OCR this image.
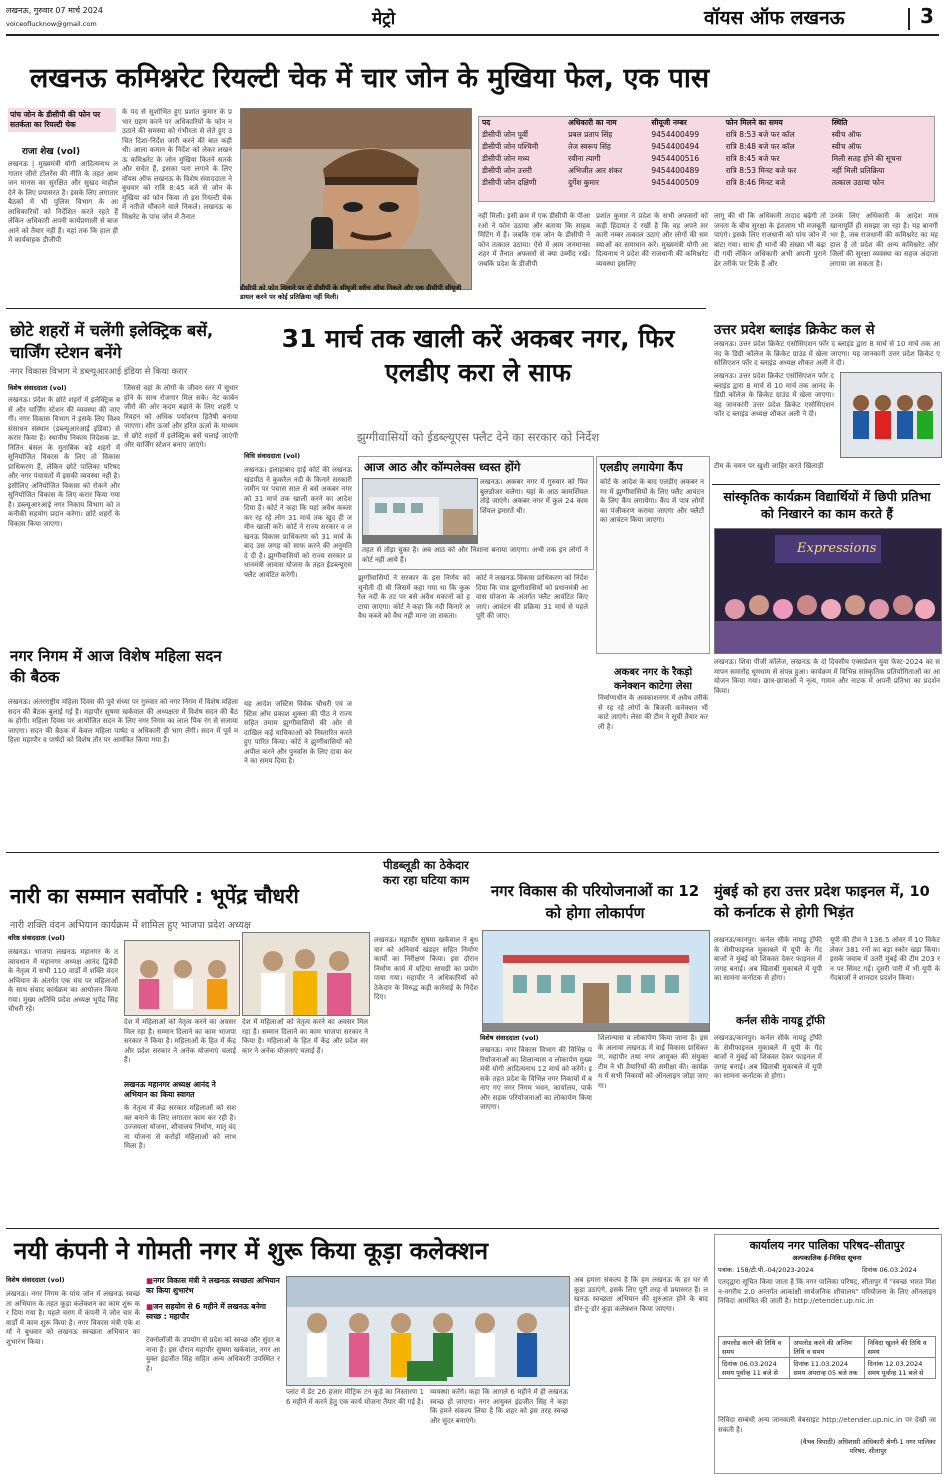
लखनऊ, गुरुवार 07 मार्च 2024
voiceoflucknow@gmail.com	मेट्रो	वॉयस ऑफ लखनऊ	3
लखनऊ कमिश्नरेट रियल्टी चेक में चार जोन के मुखिया फेल, एक पास
पांच जोन के डीसीपी की फोन पर सतर्कता का रियल्टी चेक
राजा शेख (vol)
लखनऊ | मुख्यमंत्री योगी आदित्यनाथ लगातार जीरो टॉलरेंस की नीति के तहत आमजन मानस का सुरक्षित और सुखद माहौल देने के लिए प्रयासरत है। इसके लिए लगातार बैठकों में भी पुलिस विभाग के आलाधिकारियों को निर्देशित करते रहते हैं लेकिन अधिकारी अपनी कार्यप्रणाली से बाज आने को तैयार नहीं है। यहां तक कि हाल ही में कार्यवाहक डीजीपी
के पद से सुशोभित हुए प्रशांत कुमार के प्रभार ग्रहण करने पर अधिकारियों के फोन न उठाने की समस्या को गंभीरता से लेते हुए उचित दिशा-निर्देश जारी करने की बात कही थी। आला कमान के निर्देश को लेकर लखनऊ कमिश्नरेट के जोन मुखिया कितने सतर्क और सचेत हैं, इसका पता लगाने के लिए वॉयस ऑफ लखनऊ के विशेष संवाददाता ने बुधवार को रात्रि 8:45 बजे से जोन के मुखिया को फोन किया तो इस रियल्टी चेक में नतीजे चौंकाने वाले निकले। लखनऊ कमिश्नरेट के पांच जोन में तैनात
डीसीपी को फोन मिलाने पर दो डीसीपी के सीयूजी स्वीच ऑफ निकले और एक डीसीपी सीयूजी डायल करने पर कोई प्रतिक्रिया नहीं मिली।
पद	अधिकारी का नाम	सीयूजी नम्बर	फोन मिलने का समय	स्थिति
डीसीपी जोन पूर्वी	प्रबल प्रताप सिंह	9454400499	रात्रि 8:53 बजे फर कॉल	स्वीच ऑफ
डीसीपी जोन पश्चिमी	तेज स्वरूप सिंह	9454400494	रात्रि 8:48 बजे फर कॉल	स्वीच ऑफ
डीसीपी जोन मध्य	रवीना त्यागी	9454400516	रात्रि 8:45 बजे फर	मिली सतह होने की सूचना
डीसीपी जोन उत्तरी	अभिजीत आर शंकर	9454400489	रात्रि 8:53 मिनट बजे फर	नहीं मिली प्रतिक्रिया
डीसीपी जोन दक्षिणी	दुर्गेश कुमार	9454400509	रात्रि 8:46 मिनट बजे	तत्काल उठाया फोन
नहीं मिली। इसी क्रम में एक डीसीपी के पीआरओ ने फोन उठाया और बताया कि साहब मिटिंग में हैं। जबकि एक जोन के डीसीपी ने फोन तत्काल उठाया। ऐसे में आम जनमानस शहर में तैनात अफसरों से क्या उम्मीद रखें। जबकि प्रदेश के डीजीपी
प्रशांत कुमार ने प्रदेश के सभी अफसरों को कड़ी हिदायत दे रखी है कि वह अपने सरकारी नम्बर तत्काल उठाएं और लोगों की समस्याओं का समाधान करें। मुख्यमंत्री योगी आदित्यनाथ ने प्रदेश की राजधानी की कमिश्नरेट व्यवस्था इसलिए
लागू की थी कि अधिकारी तादाद बढ़ेगी तो जनता के बीच सुरक्षा के इंतजाम भी मजबूती पाएंगे। इसके लिए राजधानी को पांच जोन में बांटा गया। साथ ही थानों की संख्या भी बढ़ा दी गयी लेकिन अधिकारी अभी अपनी पुराने ढेर तरीके पर टिके हैं और
उनके लिए अधिकारी के आदेश मात्र खानापूर्ति ही समझा जा रहा है। यह बानगी भर है, जब राजधानी की कमिश्नरेट का यह हाल है तो प्रदेश की अन्य कमिश्नरेट और जिलों की सुरक्षा व्यवस्था का सहज अंदाजा लगाया जा सकता है।
छोटे शहरों में चलेंगी इलेक्ट्रिक बसें, चार्जिंग स्टेशन बनेंगे
नगर विकास विभाग ने डब्ल्यूआरआई इंडिया से किया करार
विशेष संवाददाता (vol)
लखनऊ। प्रदेश के छोटे शहरों में इलेक्ट्रिक बसें और चार्जिंग स्टेशन की व्यवस्था की जाएगी। नगर विकास विभाग ने इसके लिए विश्व संसाधन संस्थान (डब्ल्यूआरआई इंडिया) से करार किया है। स्थानीय निकाय निदेशक डा. नितिन बंसल के मुताबिक बड़े शहरों में सुनियोजित विकास के लिए तो विकास प्राधिकरण हैं, लेकिन छोटे पालिका परिषद और नगर पंचायतों में इसकी व्यवस्था नहीं है। इसीलिए अनियोजित विकास को रोकने और सुनियोजित विकास के लिए करार किया गया है। डब्ल्यूआरआई नगर निकाय विभाग को तकनीकी सहयोग प्रदान करेगा। छोटे शहरों के विकास किया जाएगा।
जिससे वहां के लोगों के जीवन स्तर में सुधार होने के साथ रोजगार मिल सके। नेट कार्बन जीरो की ओर कदम बढ़ाने के लिए शहरी परिवहन को अधिक पर्यावरण हितैषी बनाया जाएगा। सौर ऊर्जा और हरित ऊर्जा के माध्यम से छोटे शहरों में इलेक्ट्रिक बसें चलाई जाएंगी और चार्जिंग स्टेशन बनाए जाएंगे।
नगर निगम में आज विशेष महिला सदन की बैठक
लखनऊ। अंतरराष्ट्रीय महिला दिवस की पूर्व संध्या पर गुरुवार को नगर निगम में विशेष महिला सदन की बैठक बुलाई गई है। महापौर सुषमा खर्कवाल की अध्यक्षता में विशेष सदन की बैठक होगी। महिला दिवस पर आयोजित सदन के लिए नगर निगम का लाल पिंक रंग से सजाया जाएगा। सदन की बैठक में केवल महिला पार्षद व अधिकारी ही भाग लेंगी। सदन में पूर्व महिला महापौर व पार्षदों को विशेष तौर पर आमंत्रित किया गया है।
31 मार्च तक खाली करें अकबर नगर, फिर एलडीए करा ले साफ
झुग्गीवासियों को ईडब्ल्यूएस फ्लैट देने का सरकार को निर्देश
विधि संवाददाता (vol)
लखनऊ। इलाहाबाद हाई कोर्ट की लखनऊ खंडपीठ ने कुकरैल नदी के किनारे सरकारी जमीन पर पचास साल से बसे अकबर नगर को 31 मार्च तक खाली करने का आदेश दिया है। कोर्ट ने कहा कि यहां अवैध कब्जा कर रह रहे लोग 31 मार्च तक खुद ही जमीन खाली करें। कोर्ट ने राज्य सरकार व लखनऊ विकास प्राधिकरण को 31 मार्च के बाद उस जगह को साफ करने की अनुमति दे दी है। झुग्गीवासियों को राज्य सरकार प्रधानमंत्री आवास योजना के तहत ईडब्ल्यूएस फ्लैट आवंटित करेगी।
यह आदेश जस्टिस विवेक चौधरी एवं जस्टिस ओम प्रकाश शुक्ला की पीठ ने राज्य सहित तमाम झुग्गीवासियों की ओर से दाखिल कई याचिकाओं को निस्तारित करते हुए पारित किया। कोर्ट ने झुग्गीवासियों को अपील करने और पुनर्वास के लिए दावा करने का समय दिया है।
आज आठ और कॉम्पलेक्स ध्वस्त होंगे
लखनऊ। अकबर नगर में गुरुवार को फिर बुलडोजर चलेगा। यहां के आठ कामर्शियल तोड़े जाएंगे। अकबर नगर में कुल 24 कामर्शियल इमारतें थी।
तहत से तोड़ा चुका है। अब आठ को और निशाना बनाया जाएगा। अभी तक इन लोगों ने कोर्ट नहीं आये हैं।
झुग्गीवासियों ने सरकार के इस निर्णय को चुनौती दी थी जिसमें कहा गया था कि कुकरैल नदी के तट पर बसे अवैध मकानों को हटाया जाएगा। कोर्ट ने कहा कि नदी किनारे अवैध कब्जे को वैध नहीं माना जा सकता।
कोर्ट ने लखनऊ विकास प्राधिकरण को निर्देश दिया कि पात्र झुग्गीवासियों को प्रधानमंत्री आवास योजना के अंतर्गत फ्लैट आवंटित किए जाएं। आवंटन की प्रक्रिया 31 मार्च से पहले पूरी की जाए।
एलडीए लगायेगा कैंप
कोर्ट के आदेश के बाद एलडीए अकबर नगर में झुग्गीवासियों के लिए फ्लैट आवंटन के लिए कैंप लगायेगा। कैंप में पात्र लोगों का पंजीकरण कराया जाएगा और फ्लैटों का आवंटन किया जाएगा।
अकबर नगर के रैकड़ो कनेक्शन काटेगा लेसा
निर्माणाधीन के अवकाशनगर में अवैध तरीके से रह रहे लोगों के बिजली कनेक्शन भी काटे जाएंगे। लेसा की टीम ने सूची तैयार कर ली है।
उत्तर प्रदेश ब्लाइंड क्रिकेट कल से
लखनऊ। उत्तर प्रदेश क्रिकेट एसोसिएशन फॉर द ब्लाइंड द्वारा 8 मार्च से 10 मार्च तक आनंद के डिग्री कॉलेज के क्रिकेट ग्राउंड में खेला जाएगा। यह जानकारी उत्तर प्रदेश क्रिकेट एसोसिएशन फॉर द ब्लाइंड अध्यक्ष शौकत अली ने दी।
लखनऊ। उत्तर प्रदेश क्रिकेट एसोसिएशन फॉर द ब्लाइंड द्वारा 8 मार्च से 10 मार्च तक आनंद के डिग्री कॉलेज के क्रिकेट ग्राउंड में खेला जाएगा। यह जानकारी उत्तर प्रदेश क्रिकेट एसोसिएशन फॉर द ब्लाइंड अध्यक्ष शौकत अली ने दी।
टीम के चयन पर खुशी जाहिर करते खिलाड़ी
सांस्कृतिक कार्यक्रम विद्यार्थियों में छिपी प्रतिभा को निखारने का काम करते हैं
Expressions
लखनऊ। शिवा पीजी कॉलेज, लखनऊ के दो दिवसीय एक्सप्रेशन युवा फेस्ट-2024 का समापन समारोह धूमधाम से संपन्न हुआ। कार्यक्रम में विभिन्न सांस्कृतिक प्रतियोगिताओं का आयोजन किया गया। छात्र-छात्राओं ने नृत्य, गायन और नाटक में अपनी प्रतिभा का प्रदर्शन किया।
नारी का सम्मान सर्वोपरि : भूपेंद्र चौधरी
नारी शक्ति वंदन अभियान कार्यक्रम में शामिल हुए भाजपा प्रदेश अध्यक्ष
वरिष्ठ संवाददाता (vol)
लखनऊ। भाजपा लखनऊ महानगर के तत्वावधान में महानगर अध्यक्ष आनंद द्विवेदी के नेतृत्व में सभी 110 वार्डों में शक्ति वंदन अभियान के अंतर्गत एक मंच पर महिलाओं के साथ संवाद कार्यक्रम का आयोजन किया गया। मुख्य अतिथि प्रदेश अध्यक्ष भूपेंद्र सिंह चौधरी रहे।
देश में महिलाओं को नेतृत्व करने का अवसर मिल रहा है। सम्मान दिलाने का काम भाजपा सरकार ने किया है। महिलाओं के हित में केंद्र और प्रदेश सरकार ने अनेक योजनाएं चलाई हैं।
लखनऊ महानगर अध्यक्ष आनंद ने अभियान का किया स्वागत
के नेतृत्व में केंद्र सरकार महिलाओं को सशक्त बनाने के लिए लगातार काम कर रही है। उज्जवला योजना, शौचालय निर्माण, मातृ वंदना योजना से करोड़ों महिलाओं को लाभ मिला है।
देश में महिलाओं को नेतृत्व करने का अवसर मिल रहा है। सम्मान दिलाने का काम भाजपा सरकार ने किया है। महिलाओं के हित में केंद्र और प्रदेश सरकार ने अनेक योजनाएं चलाई हैं।
पीडब्लूडी का ठेकेदार करा रहा घटिया काम
लखनऊ। महापौर सुषमा खर्कवाल ने बुधवार को अनिवार्य खंडहर सहित निर्माण कार्यों का निरीक्षण किया। इस दौरान निर्माण कार्य में घटिया सामग्री का प्रयोग पाया गया। महापौर ने अधिकारियों को ठेकेदार के विरुद्ध कड़ी कार्रवाई के निर्देश दिए।
नगर विकास की परियोजनाओं का 12 को होगा लोकार्पण
विशेष संवाददाता (vol)
लखनऊ। नगर विकास विभाग की विभिन्न परियोजनाओं का शिलान्यास व लोकार्पण मुख्यमंत्री योगी आदित्यनाथ 12 मार्च को करेंगे। इसके तहत प्रदेश के विभिन्न नगर निकायों में बनाए गए नगर निगम भवन, कार्यालय, पार्क और सड़क परियोजनाओं का लोकार्पण किया जाएगा।
शिलान्यास व लोकार्पण किया जाना है। इसके अलावा लखनऊ में वाई विकास प्राधिकरण, महापौर तथा नगर आयुक्त की संयुक्त टीम ने भी तैयारियों की समीक्षा की। कार्यक्रम में सभी निकायों को ऑनलाइन जोड़ा जाएगा।
मुंबई को हरा उत्तर प्रदेश फाइनल में, 10 को कर्नाटक से होगी भिड़ंत
लखनऊ/कानपुर। कर्नल सीके नायडू ट्रॉफी के सेमीफाइनल मुकाबले में यूपी के गेंदबाजों ने मुंबई को शिकस्त देकर फाइनल में जगह बनाई। अब खिताबी मुकाबले में यूपी का सामना कर्नाटक से होगा।
कर्नल सीके नायडू ट्रॉफी
लखनऊ/कानपुर। कर्नल सीके नायडू ट्रॉफी के सेमीफाइनल मुकाबले में यूपी के गेंदबाजों ने मुंबई को शिकस्त देकर फाइनल में जगह बनाई। अब खिताबी मुकाबले में यूपी का सामना कर्नाटक से होगा।
यूपी की टीम ने 136.5 ओवर में 10 विकेट लेकर 381 रनों का बड़ा स्कोर खड़ा किया। इसके जवाब में उतरी मुंबई की टीम 203 रन पर सिमट गई। दूसरी पारी में भी यूपी के गेंदबाजों ने शानदार प्रदर्शन किया।
कार्यालय नगर पालिका परिषद–सीतापुर
अल्पकालिक ई-निविदा सूचना
पत्रांक: 158/टी.पी.-04/2023-2024	दिनांक 06.03.2024
एतद्‌द्वारा सूचित किया जाता है कि नगर पालिका परिषद, सीतापुर में "स्वच्छ भारत मिशन-नगरीय 2.0 अन्तर्गत आकांक्षी सार्वजनिक शौचालय" परियोजना के लिए ऑनलाइन निविदा आमंत्रित की जाती है। http://etender.up.nic.in
अपलोड करने की तिथि व समय	अपलोड करने की अन्तिम तिथि व समय	निविदा खुलने की तिथि व समय
दिनांक 06.03.2024 समय पूर्वान्ह 11 बजे से	दिनांक 11.03.2024 समय अपरान्ह 05 बजे तक	दिनांक 12.03.2024 समय पूर्वान्ह 11 बजे से
निविदा सम्बंधी अन्य जानकारी वेबसाइट http://etender.up.nic.in पर देखी जा सकती है।
(वैभव त्रिपाठी) अधिशासी अधिकारी श्रेणी-1 नगर पालिका परिषद, सीतापुर
नयी कंपनी ने गोमती नगर में शुरू किया कूड़ा कलेक्शन
विशेष संवाददाता (vol)
लखनऊ। नगर निगम के पांच जोन में लखनऊ स्वच्छता अभियान के तहत कूड़ा कलेक्शन का काम शुरू कर दिया गया है। पहले चरण में कंपनी ने जोन चार के वार्डों में काम शुरू किया है। नगर विकास मंत्री एके शर्मा ने बुधवार को लखनऊ स्वच्छता अभियान का शुभारंभ किया।
■ नगर विकास मंत्री ने लखनऊ स्वच्छता अभियान का किया शुभारंभ
■ जन सहयोग से 6 महीने में लखनऊ बनेगा स्वच्छ : महापौर
टेक्नोलॉजी के उपयोग से प्रदेश को स्वच्छ और सुंदर बनाना है। इस दौरान महापौर सुषमा खर्कवाल, नगर आयुक्त इंद्रजीत सिंह सहित अन्य अधिकारी उपस्थित रहे।
प्लांट में डेंट 26 हजार मीट्रिक टन कूड़े का निस्तारण 16 महीने में करने हेतु एक कार्य योजना तैयार की गई है।
व्यवस्था करेंगे। कहा कि आगले 6 महीने में ही लखनऊ स्वच्छ हो जाएगा। नगर आयुक्त इंद्रजीत सिंह ने कहा कि हमने संकल्प लिया है कि शहर को इस तरह स्वच्छ और सुंदर बनाएंगे।
अब हमारा संकल्प है कि हम लखनऊ के हर घर से कूड़ा उठाएंगे, इसके लिए पूरी तरह से प्रयासरत हैं। लखनऊ स्वच्छता अभियान की शुरुआत होने के बाद डोर-टू-डोर कूड़ा कलेक्शन किया जाएगा।
